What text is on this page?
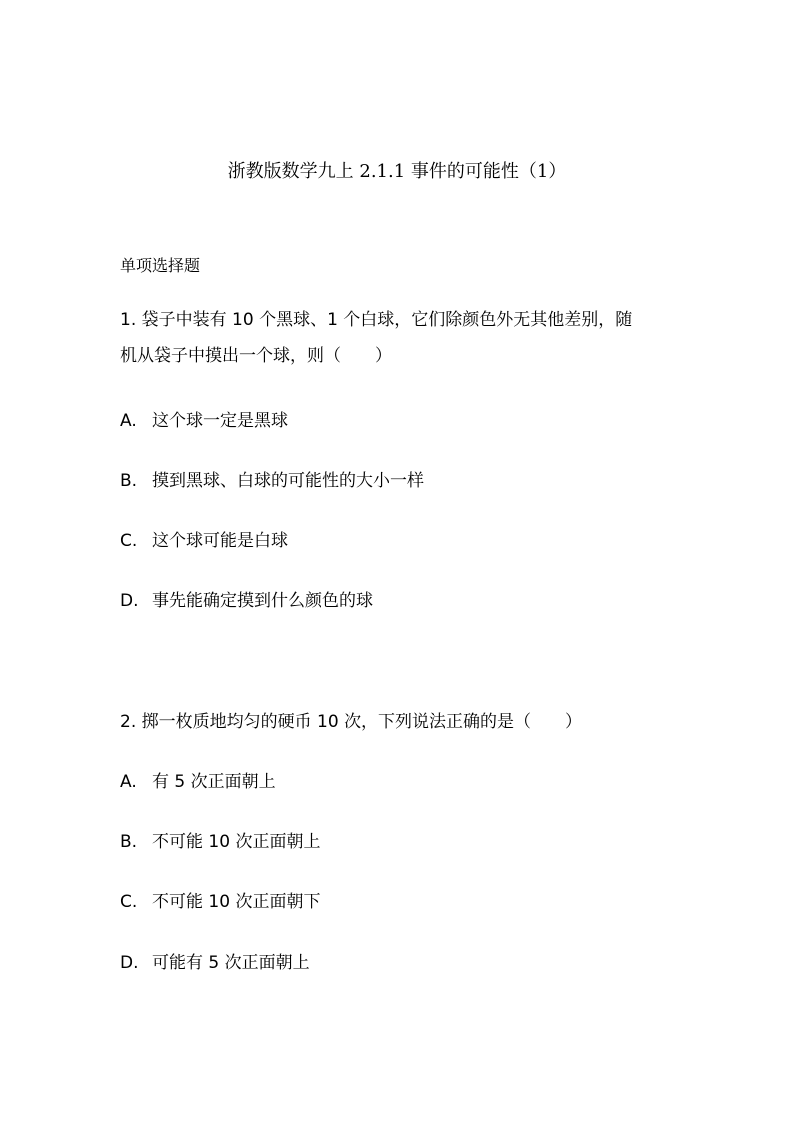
浙教版数学九上 2.1.1 事件的可能性（1）
单项选择题
1. 袋子中装有 10 个黑球、1 个白球，它们除颜色外无其他差别，随
机从袋子中摸出一个球，则（　　）
A. 这个球一定是黑球
B. 摸到黑球、白球的可能性的大小一样
C. 这个球可能是白球
D. 事先能确定摸到什么颜色的球
2. 掷一枚质地均匀的硬币 10 次，下列说法正确的是（　　）
A. 有 5 次正面朝上
B. 不可能 10 次正面朝上
C. 不可能 10 次正面朝下
D. 可能有 5 次正面朝上
